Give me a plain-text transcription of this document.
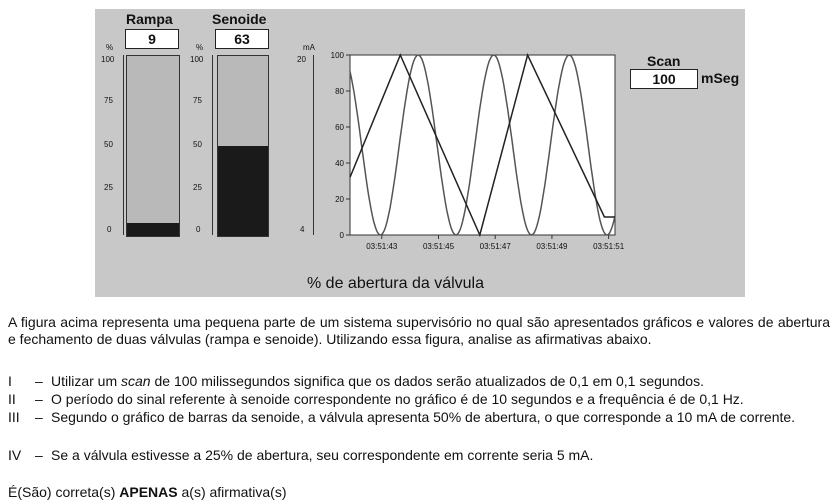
Rampa
9
%
100
75
50
25
0
Senoide
63
%
100
75
50
25
0
mA
20
4
100
80
60
40
20
0
03:51:43	03:51:45	03:51:47	03:51:49	03:51:51
Scan
100	mSeg
% de abertura da válvula

A figura acima representa uma pequena parte de um sistema supervisório no qual são apresentados gráficos e valores de abertura e fechamento de duas válvulas (rampa e senoide). Utilizando essa figura, analise as afirmativas abaixo.

I – Utilizar um scan de 100 milissegundos significa que os dados serão atualizados de 0,1 em 0,1 segundos.
II – O período do sinal referente à senoide correspondente no gráfico é de 10 segundos e a frequência é de 0,1 Hz.
III – Segundo o gráfico de barras da senoide, a válvula apresenta 50% de abertura, o que corresponde a 10 mA de corrente.
IV – Se a válvula estivesse a 25% de abertura, seu correspondente em corrente seria 5 mA.
É(São) correta(s) APENAS a(s) afirmativa(s)
